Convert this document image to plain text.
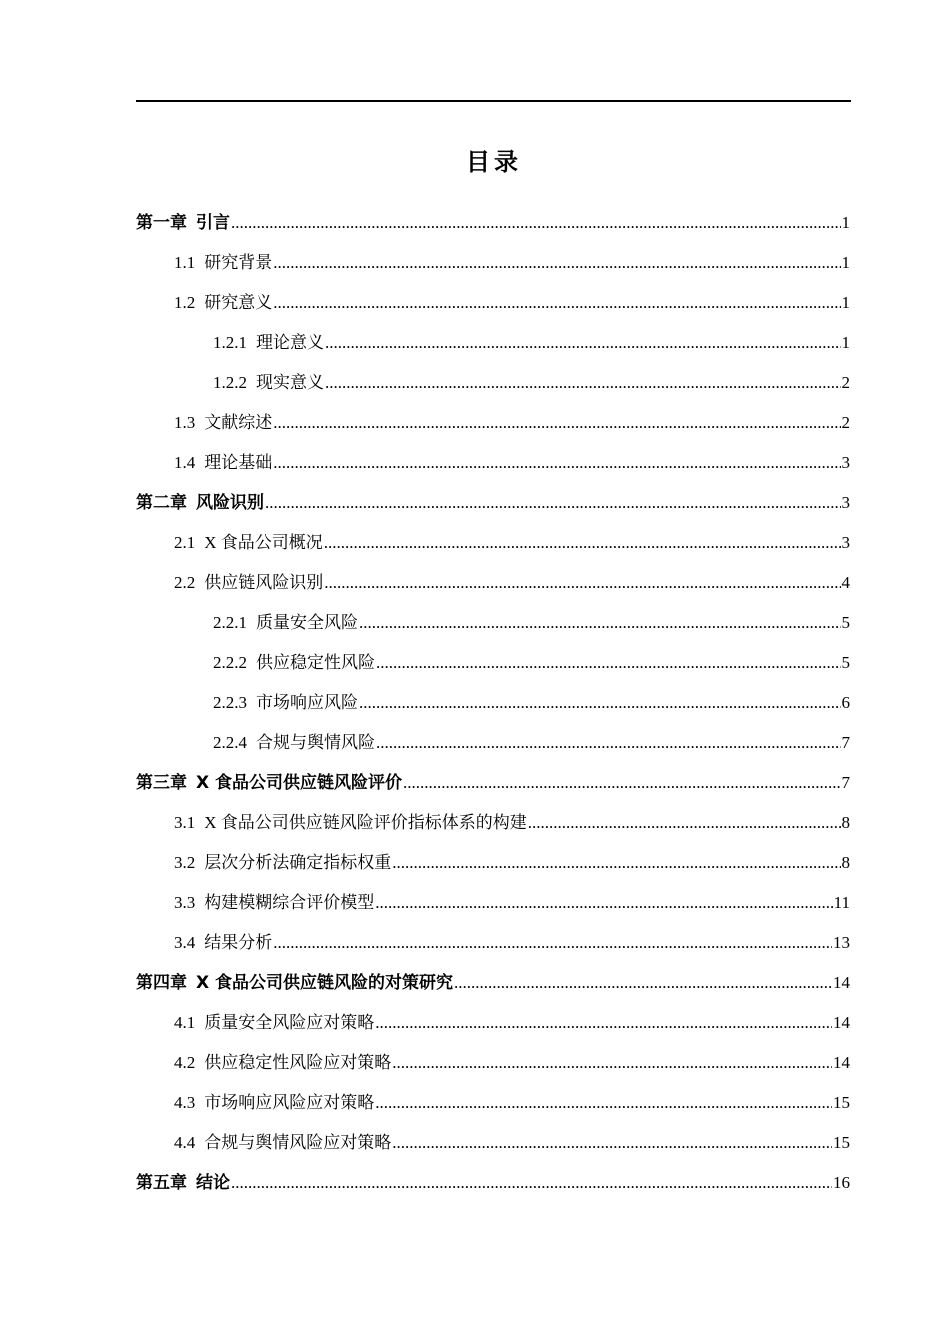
目录
第一章 引言 .....	1
1.1 研究背景 .....	1
1.2 研究意义 .....	1
1.2.1 理论意义 .....	1
1.2.2 现实意义 .....	2
1.3 文献综述 .....	2
1.4 理论基础 .....	3
第二章 风险识别 .....	3
2.1 X 食品公司概况 .....	3
2.2 供应链风险识别 .....	4
2.2.1 质量安全风险 .....	5
2.2.2 供应稳定性风险 .....	5
2.2.3 市场响应风险 .....	6
2.2.4 合规与舆情风险 .....	7
第三章 X 食品公司供应链风险评价 .....	7
3.1 X 食品公司供应链风险评价指标体系的构建 .....	8
3.2 层次分析法确定指标权重 .....	8
3.3 构建模糊综合评价模型 .....	11
3.4 结果分析 .....	13
第四章 X 食品公司供应链风险的对策研究 .....	14
4.1 质量安全风险应对策略 .....	14
4.2 供应稳定性风险应对策略 .....	14
4.3 市场响应风险应对策略 .....	15
4.4 合规与舆情风险应对策略 .....	15
第五章 结论 .....	16
